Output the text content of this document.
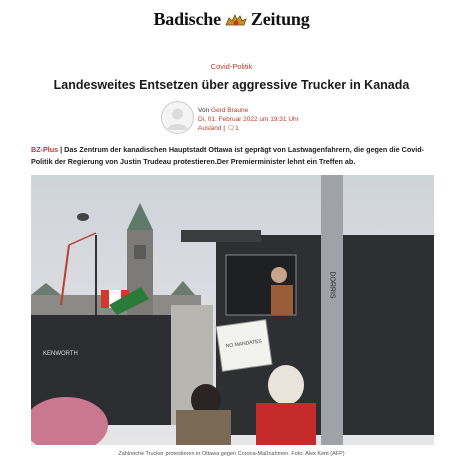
Badische Zeitung
Covid-Politik
Landesweites Entsetzen über aggressive Trucker in Kanada
Von Gerd Braune
Di, 01. Februar 2022 um 19:31 Uhr
Ausland | 🗨1
BZ-Plus | Das Zentrum der kanadischen Hauptstadt Ottawa ist geprägt von Lastwagenfahrern, die gegen die Covid-Politik der Regierung von Justin Trudeau protestieren.Der Premierminister lehnt ein Treffen ab.
DORRIS
KENWORTH
NO MANDATES
Zahlreiche Trucker protestieren in Ottawa gegen Corona-Maßnahmen. Foto: Alex Kent (AFP)
